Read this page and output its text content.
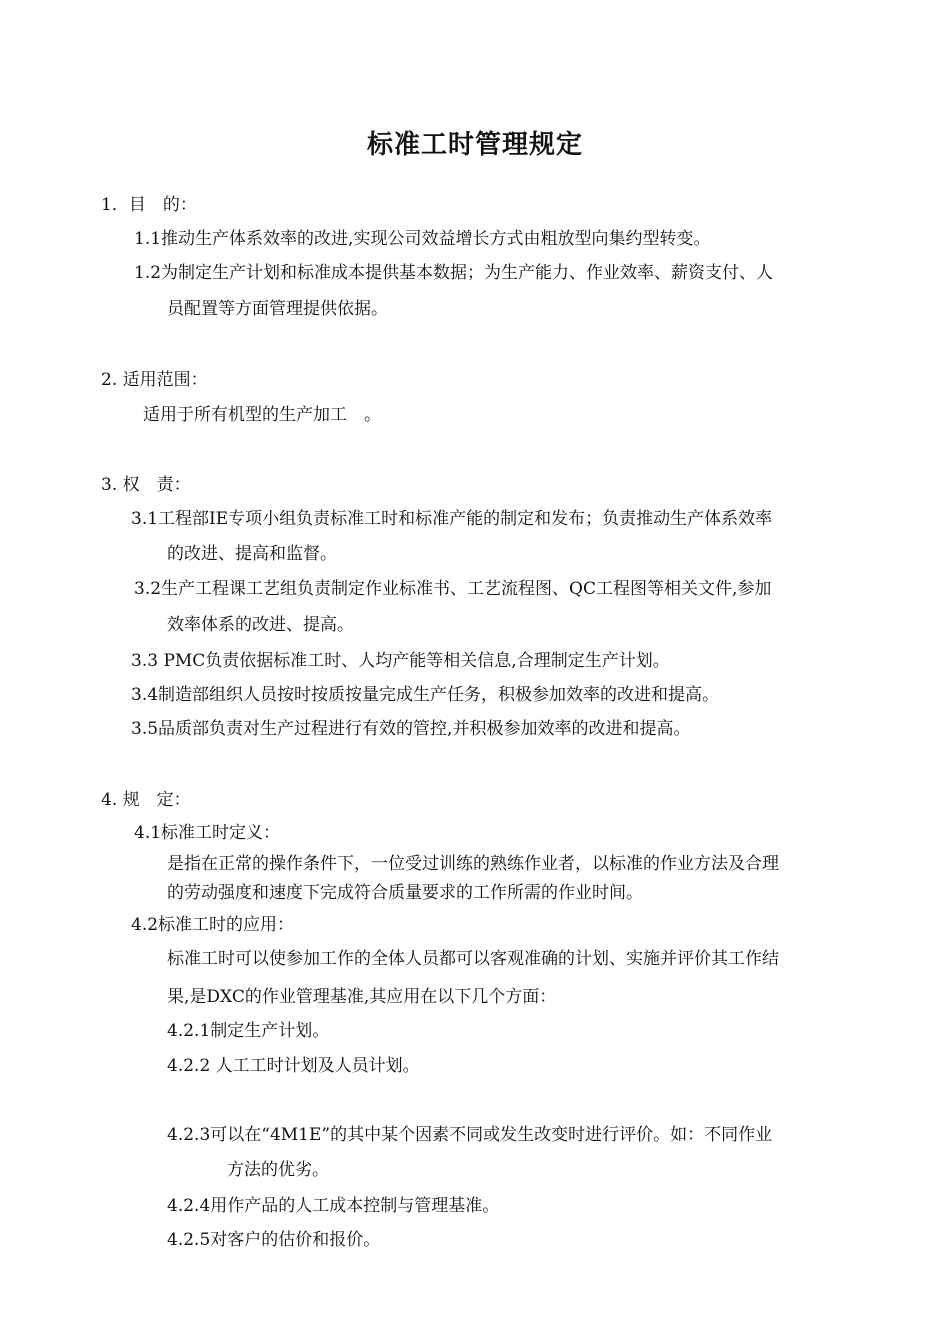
标准工时管理规定
1．目　的：
1.1推动生产体系效率的改进,实现公司效益增长方式由粗放型向集约型转变。
1.2为制定生产计划和标准成本提供基本数据；为生产能力、作业效率、薪资支付、人
员配置等方面管理提供依据。
2. 适用范围：
适用于所有机型的生产加工　。
3. 权　责：
3.1工程部IE专项小组负责标准工时和标准产能的制定和发布；负责推动生产体系效率
的改进、提高和监督。
3.2生产工程课工艺组负责制定作业标准书、工艺流程图、QC工程图等相关文件,参加
效率体系的改进、提高。
3.3 PMC负责依据标准工时、人均产能等相关信息,合理制定生产计划。
3.4制造部组织人员按时按质按量完成生产任务，积极参加效率的改进和提高。
3.5品质部负责对生产过程进行有效的管控,并积极参加效率的改进和提高。
4. 规　定：
4.1标准工时定义：
是指在正常的操作条件下，一位受过训练的熟练作业者，以标准的作业方法及合理
的劳动强度和速度下完成符合质量要求的工作所需的作业时间。
4.2标准工时的应用：
标准工时可以使参加工作的全体人员都可以客观准确的计划、实施并评价其工作结
果,是DXC的作业管理基准,其应用在以下几个方面：
4.2.1制定生产计划。
4.2.2 人工工时计划及人员计划。
4.2.3可以在“4M1E”的其中某个因素不同或发生改变时进行评价。如：不同作业
方法的优劣。
4.2.4用作产品的人工成本控制与管理基准。
4.2.5对客户的估价和报价。
